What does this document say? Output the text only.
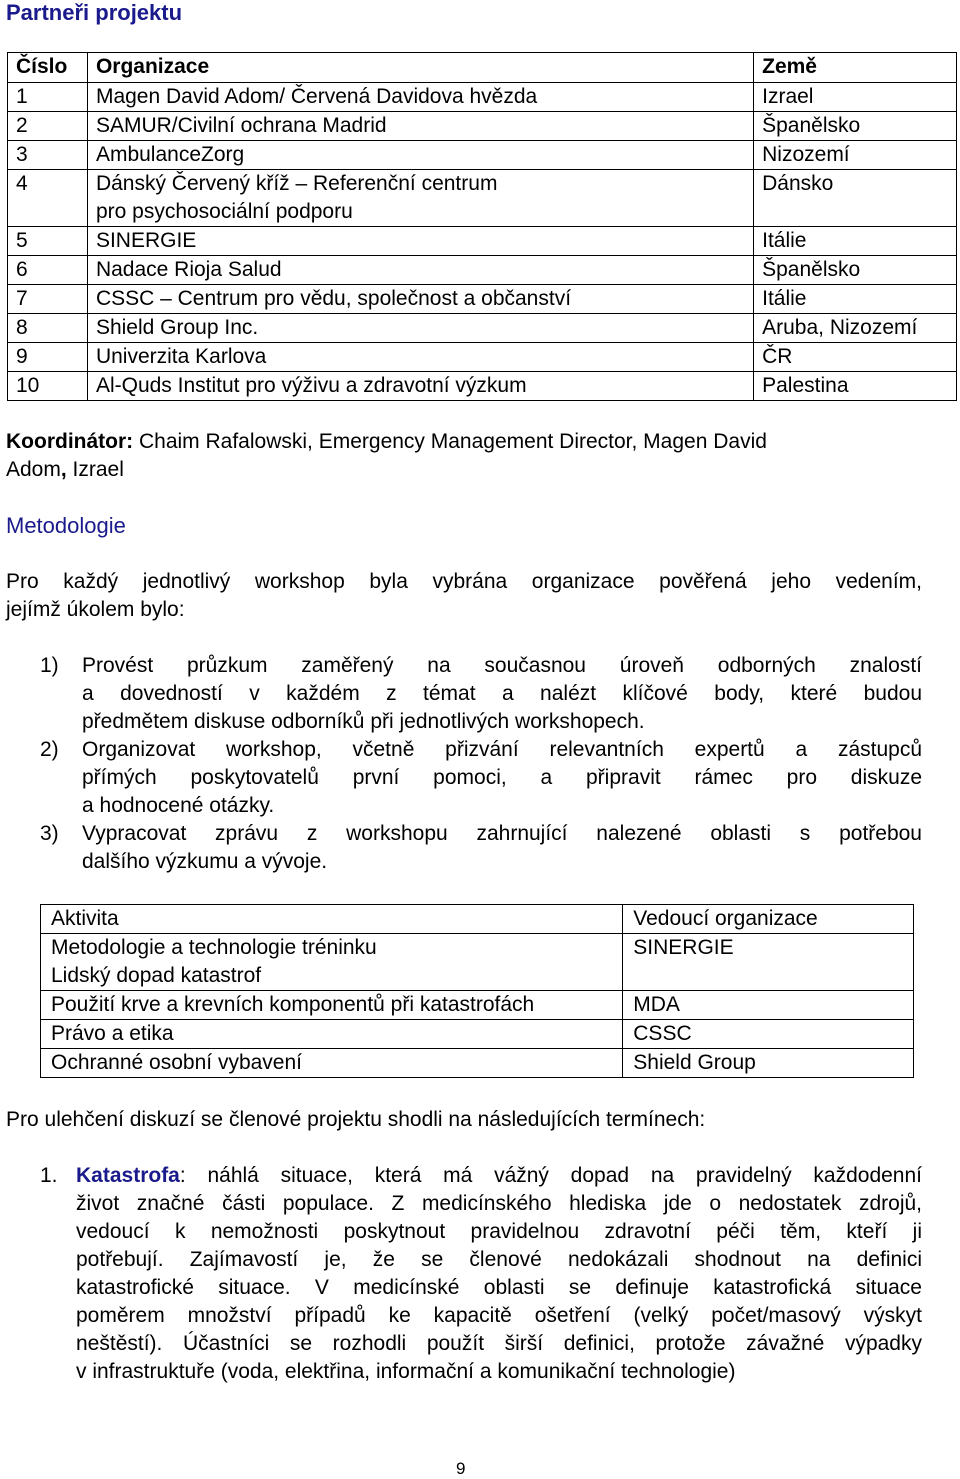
Partneři projektu
Číslo	Organizace	Země
1	Magen David Adom/ Červená Davidova hvězda	Izrael
2	SAMUR/Civilní ochrana Madrid	Španělsko
3	AmbulanceZorg	Nizozemí
4	Dánský Červený kříž – Referenční centrum
pro psychosociální podporu	Dánsko
5	SINERGIE	Itálie
6	Nadace Rioja Salud	Španělsko
7	CSSC – Centrum pro vědu, společnost a občanství	Itálie
8	Shield Group Inc.	Aruba, Nizozemí
9	Univerzita Karlova	ČR
10	Al-Quds Institut pro výživu a zdravotní výzkum	Palestina
Koordinátor: Chaim Rafalowski, Emergency Management Director, Magen David
Adom, Izrael
Metodologie
Pro každý jednotlivý workshop byla vybrána organizace pověřená jeho vedením,
jejímž úkolem bylo:
1) Provést průzkum zaměřený na současnou úroveň odborných znalostí
a dovedností v každém z témat a nalézt klíčové body, které budou
předmětem diskuse odborníků při jednotlivých workshopech.
2) Organizovat workshop, včetně přizvání relevantních expertů a zástupců
přímých poskytovatelů první pomoci, a připravit rámec pro diskuze
a hodnocené otázky.
3) Vypracovat zprávu z workshopu zahrnující nalezené oblasti s potřebou
dalšího výzkumu a vývoje.
Aktivita	Vedoucí organizace

Metodologie a technologie tréninku
Lidský dopad katastrof	SINERGIE

Použití krve a krevních komponentů při katastrofách	MDA

Právo a etika	CSSC

Ochranné osobní vybavení	Shield Group
Pro ulehčení diskuzí se členové projektu shodli na následujících termínech:
1. Katastrofa: náhlá situace, která má vážný dopad na pravidelný každodenní
život značné části populace. Z medicínského hlediska jde o nedostatek zdrojů,
vedoucí k nemožnosti poskytnout pravidelnou zdravotní péči těm, kteří ji
potřebují. Zajímavostí je, že se členové nedokázali shodnout na definici
katastrofické situace. V medicínské oblasti se definuje katastrofická situace
poměrem množství případů ke kapacitě ošetření (velký počet/masový výskyt
neštěstí). Účastníci se rozhodli použít širší definici, protože závažné výpadky
v infrastruktuře (voda, elektřina, informační a komunikační technologie)
9
